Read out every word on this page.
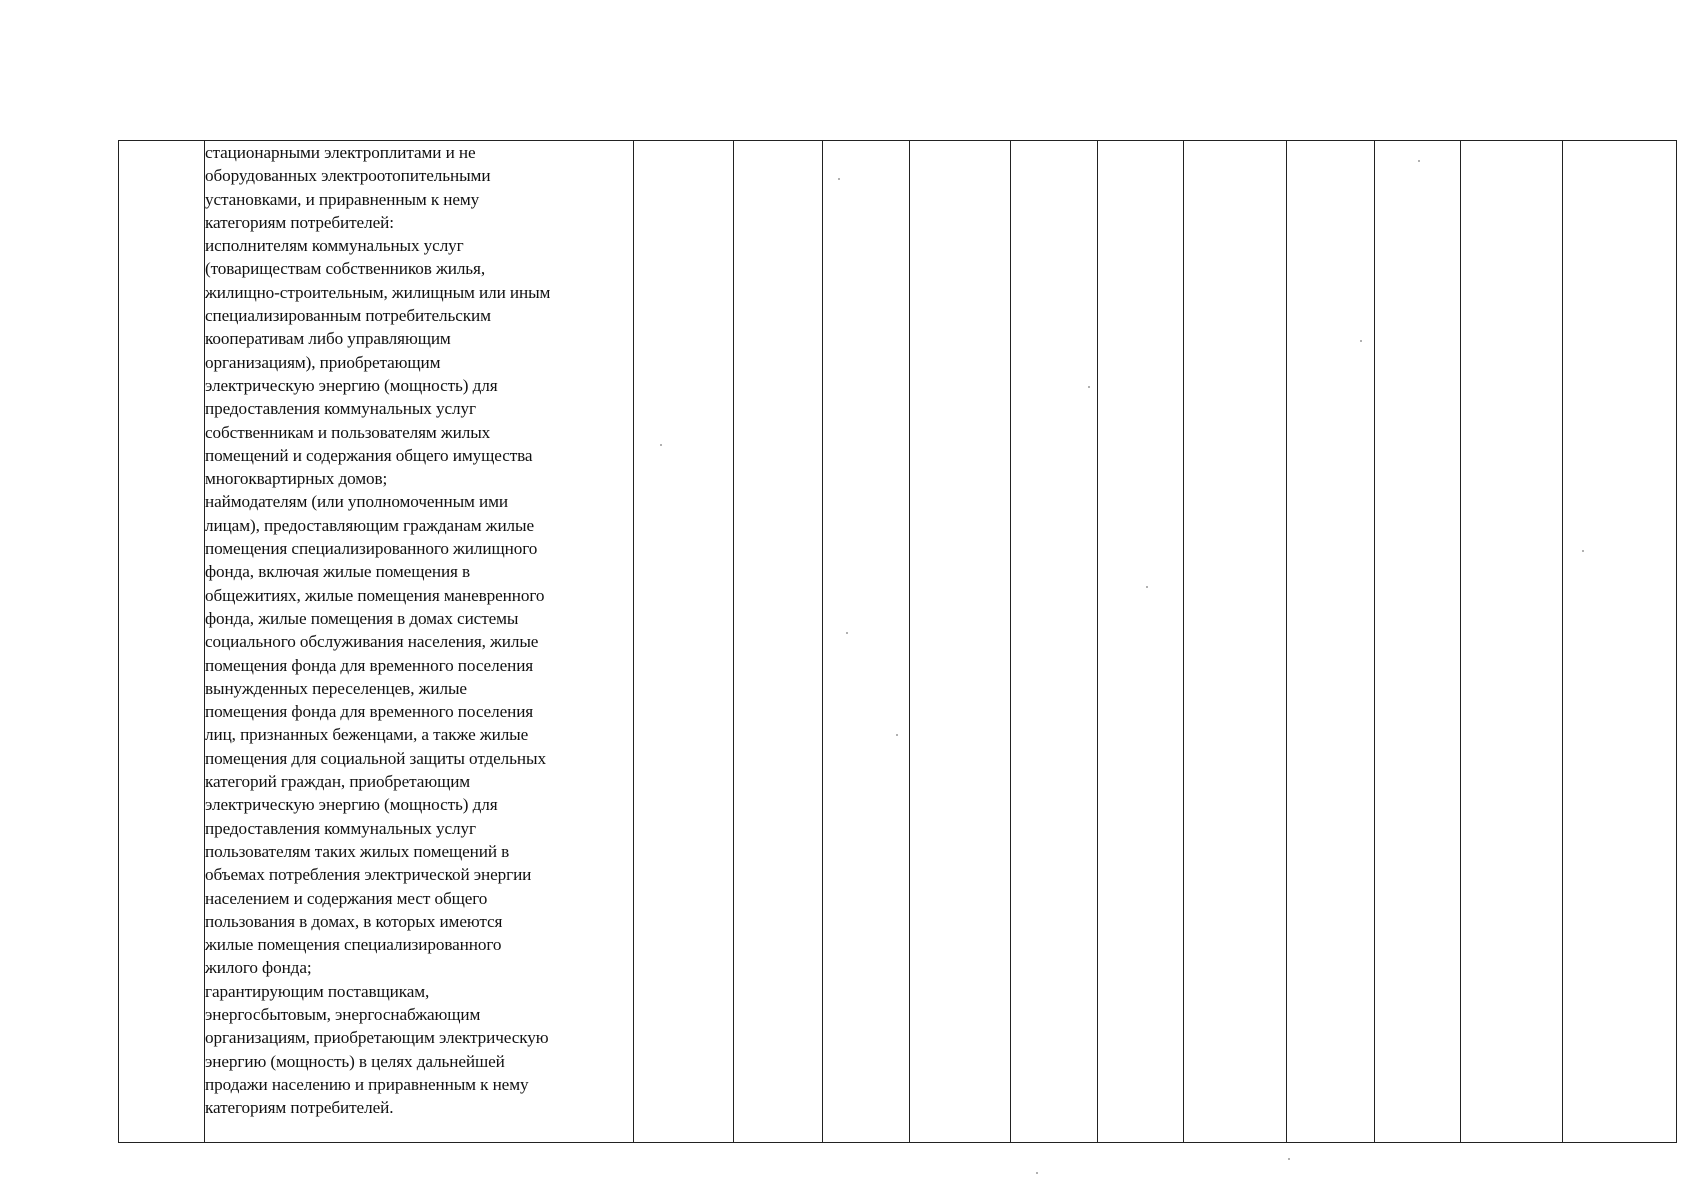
стационарными электроплитами и не
оборудованных электроотопительными
установками, и приравненным к нему
категориям потребителей:
исполнителям коммунальных услуг
(товариществам собственников жилья,
жилищно-строительным, жилищным или иным
специализированным потребительским
кооперативам либо управляющим
организациям), приобретающим
электрическую энергию (мощность) для
предоставления коммунальных услуг
собственникам и пользователям жилых
помещений и содержания общего имущества
многоквартирных домов;
наймодателям (или уполномоченным ими
лицам), предоставляющим гражданам жилые
помещения специализированного жилищного
фонда, включая жилые помещения в
общежитиях, жилые помещения маневренного
фонда, жилые помещения в домах системы
социального обслуживания населения, жилые
помещения фонда для временного поселения
вынужденных переселенцев, жилые
помещения фонда для временного поселения
лиц, признанных беженцами, а также жилые
помещения для социальной защиты отдельных
категорий граждан, приобретающим
электрическую энергию (мощность) для
предоставления коммунальных услуг
пользователям таких жилых помещений в
объемах потребления электрической энергии
населением и содержания мест общего
пользования в домах, в которых имеются
жилые помещения специализированного
жилого фонда;
гарантирующим поставщикам,
энергосбытовым, энергоснабжающим
организациям, приобретающим электрическую
энергию (мощность) в целях дальнейшей
продажи населению и приравненным к нему
категориям потребителей.
